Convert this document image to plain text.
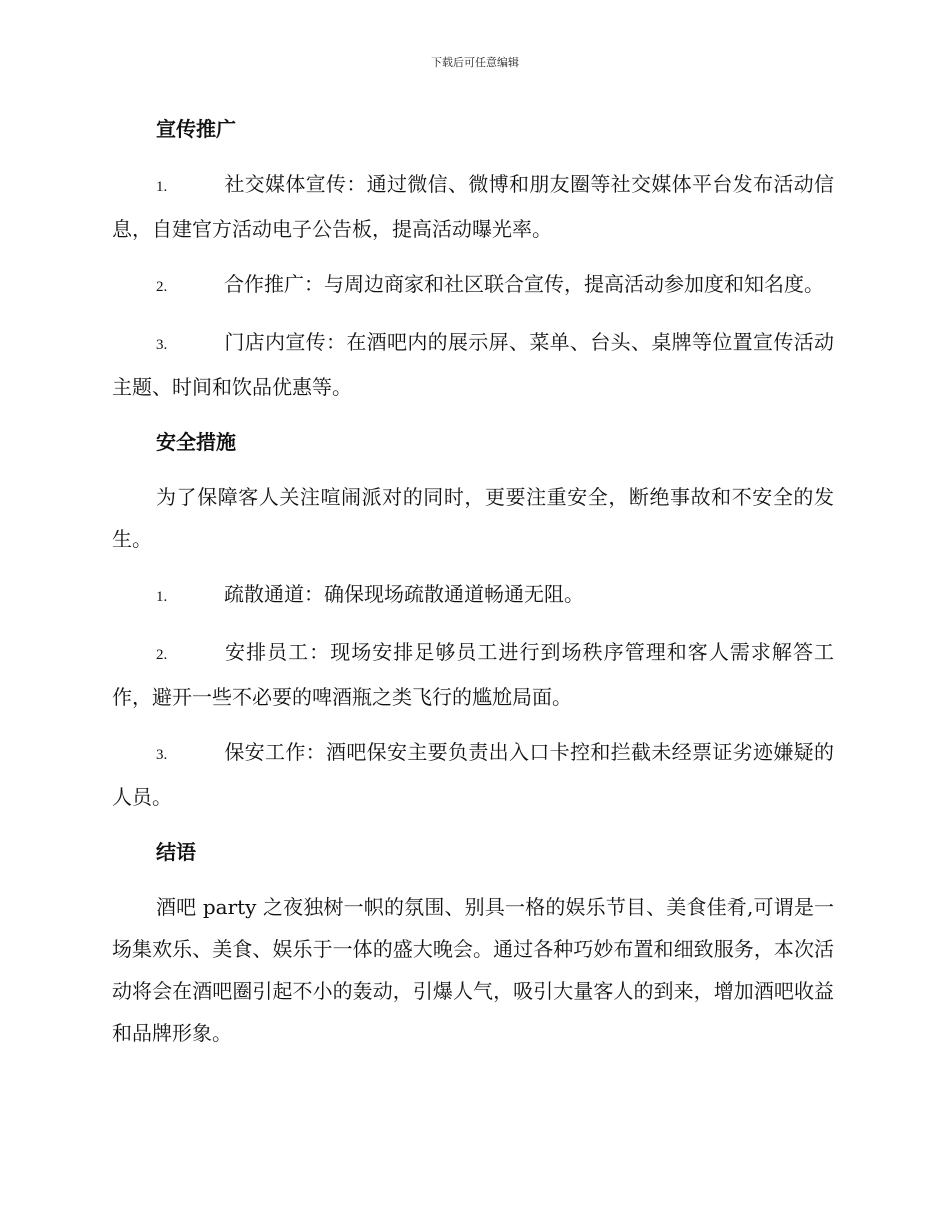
下载后可任意编辑
宣传推广

1.	社交媒体宣传：通过微信、微博和朋友圈等社交媒体平台发布活动信息，自建官方活动电子公告板，提高活动曝光率。

2.	合作推广：与周边商家和社区联合宣传，提高活动参加度和知名度。

3.	门店内宣传：在酒吧内的展示屏、菜单、台头、桌牌等位置宣传活动主题、时间和饮品优惠等。

安全措施

为了保障客人关注喧闹派对的同时，更要注重安全，断绝事故和不安全的发生。

1.	疏散通道：确保现场疏散通道畅通无阻。

2.	安排员工：现场安排足够员工进行到场秩序管理和客人需求解答工作，避开一些不必要的啤酒瓶之类飞行的尴尬局面。

3.	保安工作：酒吧保安主要负责出入口卡控和拦截未经票证劣迹嫌疑的人员。

结语

酒吧 party 之夜独树一帜的氛围、别具一格的娱乐节目、美食佳肴,可谓是一场集欢乐、美食、娱乐于一体的盛大晚会。通过各种巧妙布置和细致服务，本次活动将会在酒吧圈引起不小的轰动，引爆人气，吸引大量客人的到来，增加酒吧收益和品牌形象。
